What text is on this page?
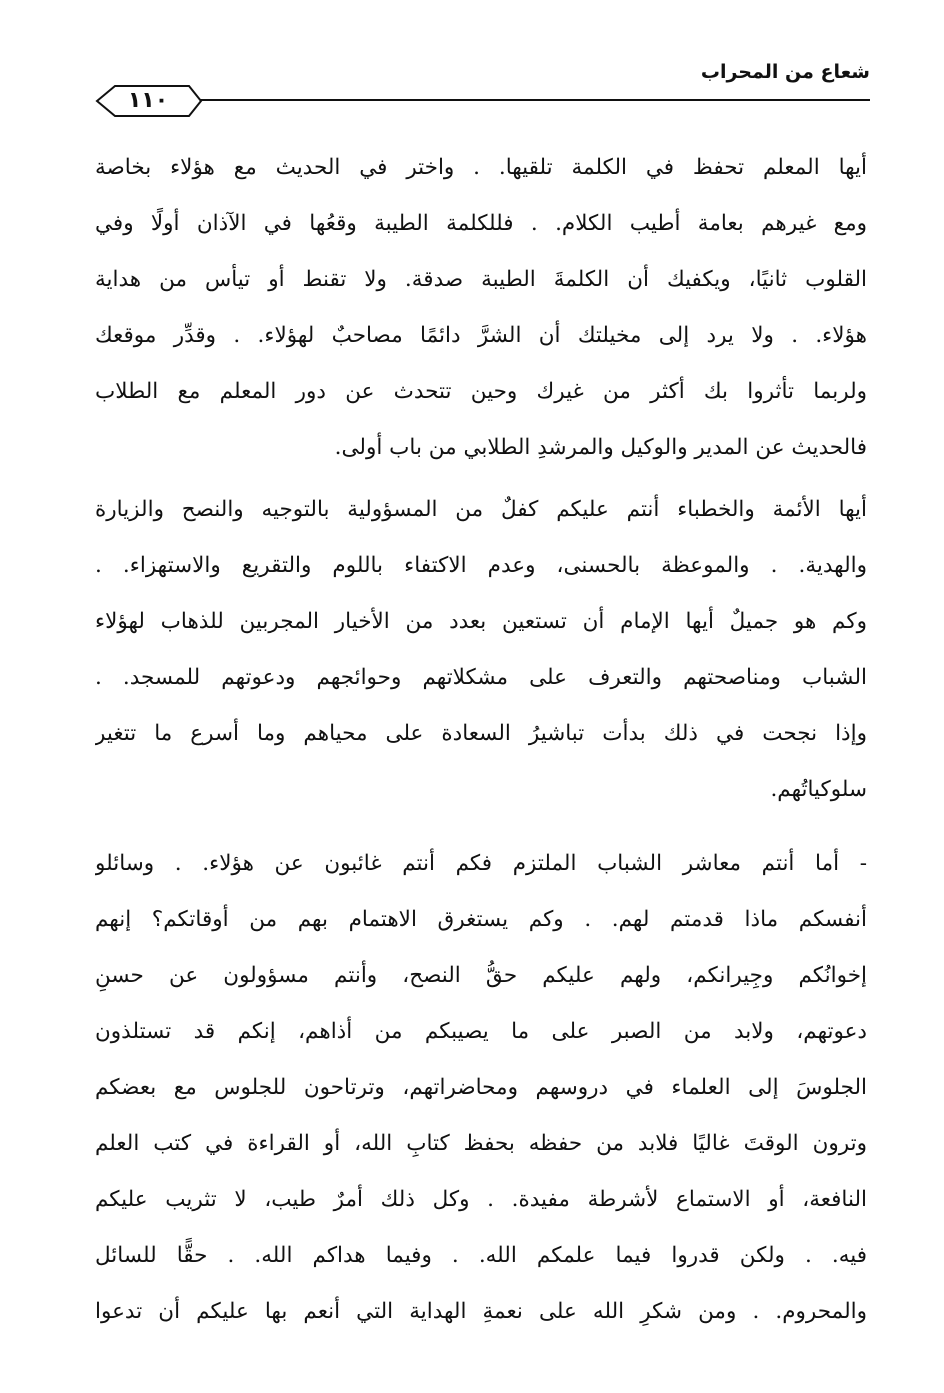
شعاع من المحراب
١١٠
أيها المعلم تحفظ في الكلمة تلقيها. . واختر في الحديث مع هؤلاء بخاصة
ومع غيرهم بعامة أطيب الكلام. . فللكلمة الطيبة وقعُها في الآذان أولًا وفي
القلوب ثانيًا، ويكفيك أن الكلمةَ الطيبة صدقة. ولا تقنط أو تيأس من هداية
هؤلاء. . ولا يرد إلى مخيلتك أن الشرَّ دائمًا مصاحبٌ لهؤلاء. . وقدِّر موقعك
ولربما تأثروا بك أكثر من غيرك وحين تتحدث عن دور المعلم مع الطلاب
فالحديث عن المدير والوكيل والمرشدِ الطلابي من باب أولى.
أيها الأئمة والخطباء أنتم عليكم كفلٌ من المسؤولية بالتوجيه والنصح والزيارة
والهدية. . والموعظة بالحسنى، وعدم الاكتفاء باللوم والتقريع والاستهزاء. .
وكم هو جميلٌ أيها الإمام أن تستعين بعدد من الأخيار المجربين للذهاب لهؤلاء
الشباب ومناصحتهم والتعرف على مشكلاتهم وحوائجهم ودعوتهم للمسجد. .
وإذا نجحت في ذلك بدأت تباشيرُ السعادة على محياهم وما أسرع ما تتغير
سلوكياتُهم.
- أما أنتم معاشر الشباب الملتزم فكم أنتم غائبون عن هؤلاء. . وسائلو
أنفسكم ماذا قدمتم لهم. . وكم يستغرق الاهتمام بهم من أوقاتكم؟ إنهم
إخوانُكم وجِيرانكم، ولهم عليكم حقُّ النصح، وأنتم مسؤولون عن حسنِ
دعوتهم، ولابد من الصبر على ما يصيبكم من أذاهم، إنكم قد تستلذون
الجلوسَ إلى العلماء في دروسهم ومحاضراتهم، وترتاحون للجلوس مع بعضكم
وترون الوقتَ غاليًا فلابد من حفظه بحفظ كتابِ الله، أو القراءة في كتب العلم
النافعة، أو الاستماع لأشرطة مفيدة. . وكل ذلك أمرٌ طيب، لا تثريب عليكم
فيه. . ولكن قدروا فيما علمكم الله. . وفيما هداكم الله. . حقًّا للسائل
والمحروم. . ومن شكرِ الله على نعمةِ الهداية التي أنعم بها عليكم أن تدعوا
